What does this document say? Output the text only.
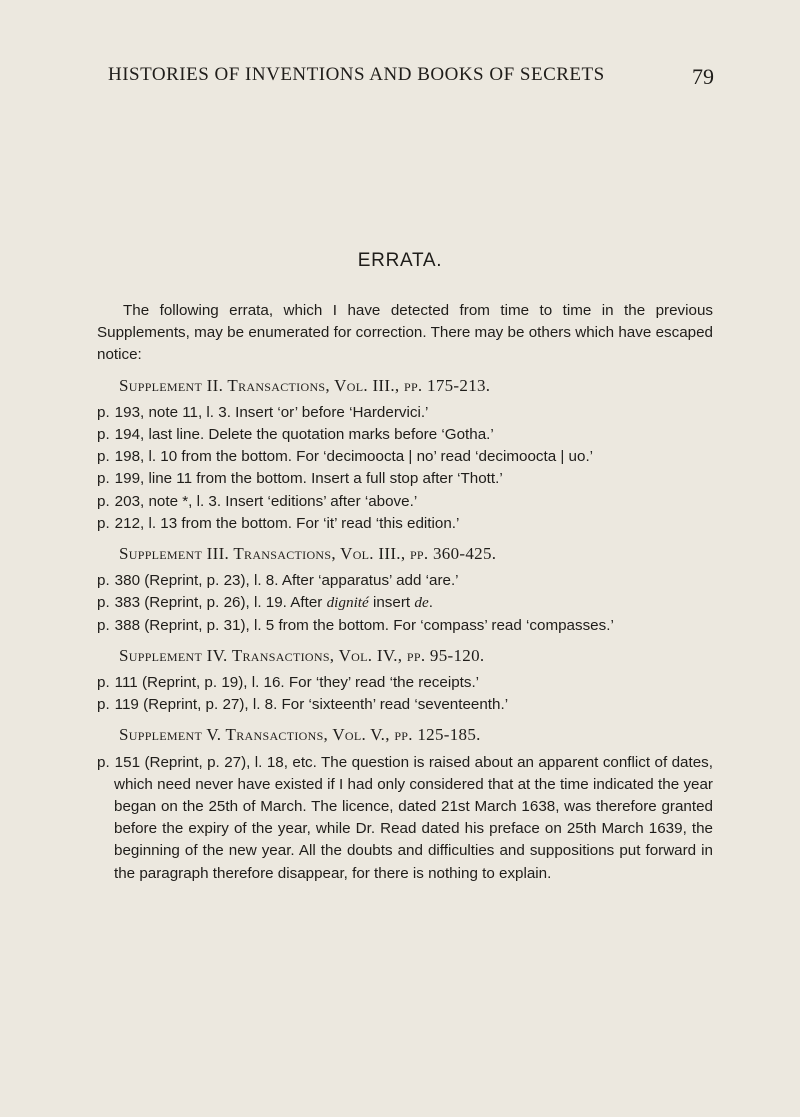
HISTORIES OF INVENTIONS AND BOOKS OF SECRETS	79
ERRATA.

The following errata, which I have detected from time to time in the previous Supplements, may be enumerated for correction. There may be others which have escaped notice:

Supplement II. Transactions, Vol. III., pp. 175-213.

p. 193, note 11, l. 3. Insert ‘or’ before ‘Hardervici.’

p. 194, last line. Delete the quotation marks before ‘Gotha.’

p. 198, l. 10 from the bottom. For ‘decimoocta | no’ read ‘decimoocta | uo.’

p. 199, line 11 from the bottom. Insert a full stop after ‘Thott.’

p. 203, note *, l. 3. Insert ‘editions’ after ‘above.’

p. 212, l. 13 from the bottom. For ‘it’ read ‘this edition.’

Supplement III. Transactions, Vol. III., pp. 360-425.

p. 380 (Reprint, p. 23), l. 8. After ‘apparatus’ add ‘are.’

p. 383 (Reprint, p. 26), l. 19. After dignité insert de.

p. 388 (Reprint, p. 31), l. 5 from the bottom. For ‘compass’ read ‘compasses.’

Supplement IV. Transactions, Vol. IV., pp. 95-120.

p. 111 (Reprint, p. 19), l. 16. For ‘they’ read ‘the receipts.’

p. 119 (Reprint, p. 27), l. 8. For ‘sixteenth’ read ‘seventeenth.’

Supplement V. Transactions, Vol. V., pp. 125-185.

p. 151 (Reprint, p. 27), l. 18, etc. The question is raised about an apparent conflict of dates, which need never have existed if I had only considered that at the time indicated the year began on the 25th of March. The licence, dated 21st March 1638, was therefore granted before the expiry of the year, while Dr. Read dated his preface on 25th March 1639, the beginning of the new year. All the doubts and difficulties and suppositions put forward in the paragraph therefore disappear, for there is nothing to explain.
